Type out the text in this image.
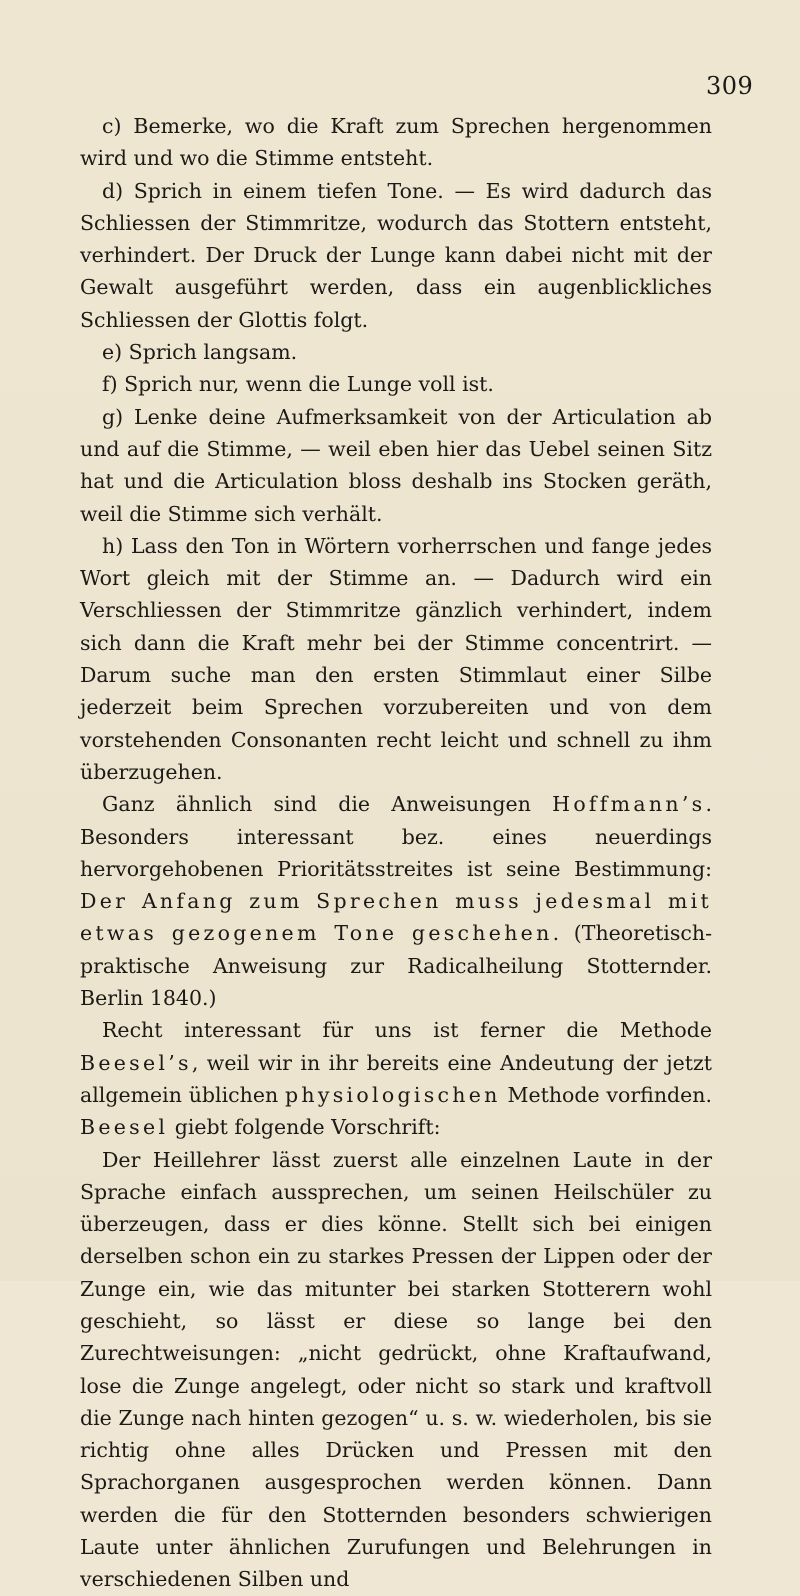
309

c) Bemerke, wo die Kraft zum Sprechen hergenommen wird und wo die Stimme entsteht.

d) Sprich in einem tiefen Tone. — Es wird dadurch das Schliessen der Stimmritze, wodurch das Stottern entsteht, verhindert. Der Druck der Lunge kann dabei nicht mit der Gewalt ausgeführt werden, dass ein augenblickliches Schliessen der Glottis folgt.

e) Sprich langsam.

f) Sprich nur, wenn die Lunge voll ist.

g) Lenke deine Aufmerksamkeit von der Articulation ab und auf die Stimme, — weil eben hier das Uebel seinen Sitz hat und die Articulation bloss deshalb ins Stocken geräth, weil die Stimme sich verhält.

h) Lass den Ton in Wörtern vorherrschen und fange jedes Wort gleich mit der Stimme an. — Dadurch wird ein Verschliessen der Stimmritze gänzlich verhindert, indem sich dann die Kraft mehr bei der Stimme concentrirt. — Darum suche man den ersten Stimmlaut einer Silbe jederzeit beim Sprechen vorzubereiten und von dem vorstehenden Consonanten recht leicht und schnell zu ihm überzugehen.

Ganz ähnlich sind die Anweisungen Hoffmann’s. Besonders interessant bez. eines neuerdings hervorgehobenen Prioritätsstreites ist seine Bestimmung: Der Anfang zum Sprechen muss jedesmal mit etwas gezogenem Tone geschehen. (Theoretisch-praktische Anweisung zur Radicalheilung Stotternder. Berlin 1840.)

Recht interessant für uns ist ferner die Methode Beesel’s, weil wir in ihr bereits eine Andeutung der jetzt allgemein üblichen physiologischen Methode vorfinden. Beesel giebt folgende Vorschrift:

Der Heillehrer lässt zuerst alle einzelnen Laute in der Sprache einfach aussprechen, um seinen Heilschüler zu überzeugen, dass er dies könne. Stellt sich bei einigen derselben schon ein zu starkes Pressen der Lippen oder der Zunge ein, wie das mitunter bei starken Stotterern wohl geschieht, so lässt er diese so lange bei den Zurechtweisungen: „nicht gedrückt, ohne Kraftaufwand, lose die Zunge angelegt, oder nicht so stark und kraftvoll die Zunge nach hinten gezogen“ u. s. w. wiederholen, bis sie richtig ohne alles Drücken und Pressen mit den Sprachorganen ausgesprochen werden können. Dann werden die für den Stotternden besonders schwierigen Laute unter ähnlichen Zurufungen und Belehrungen in verschiedenen Silben und
